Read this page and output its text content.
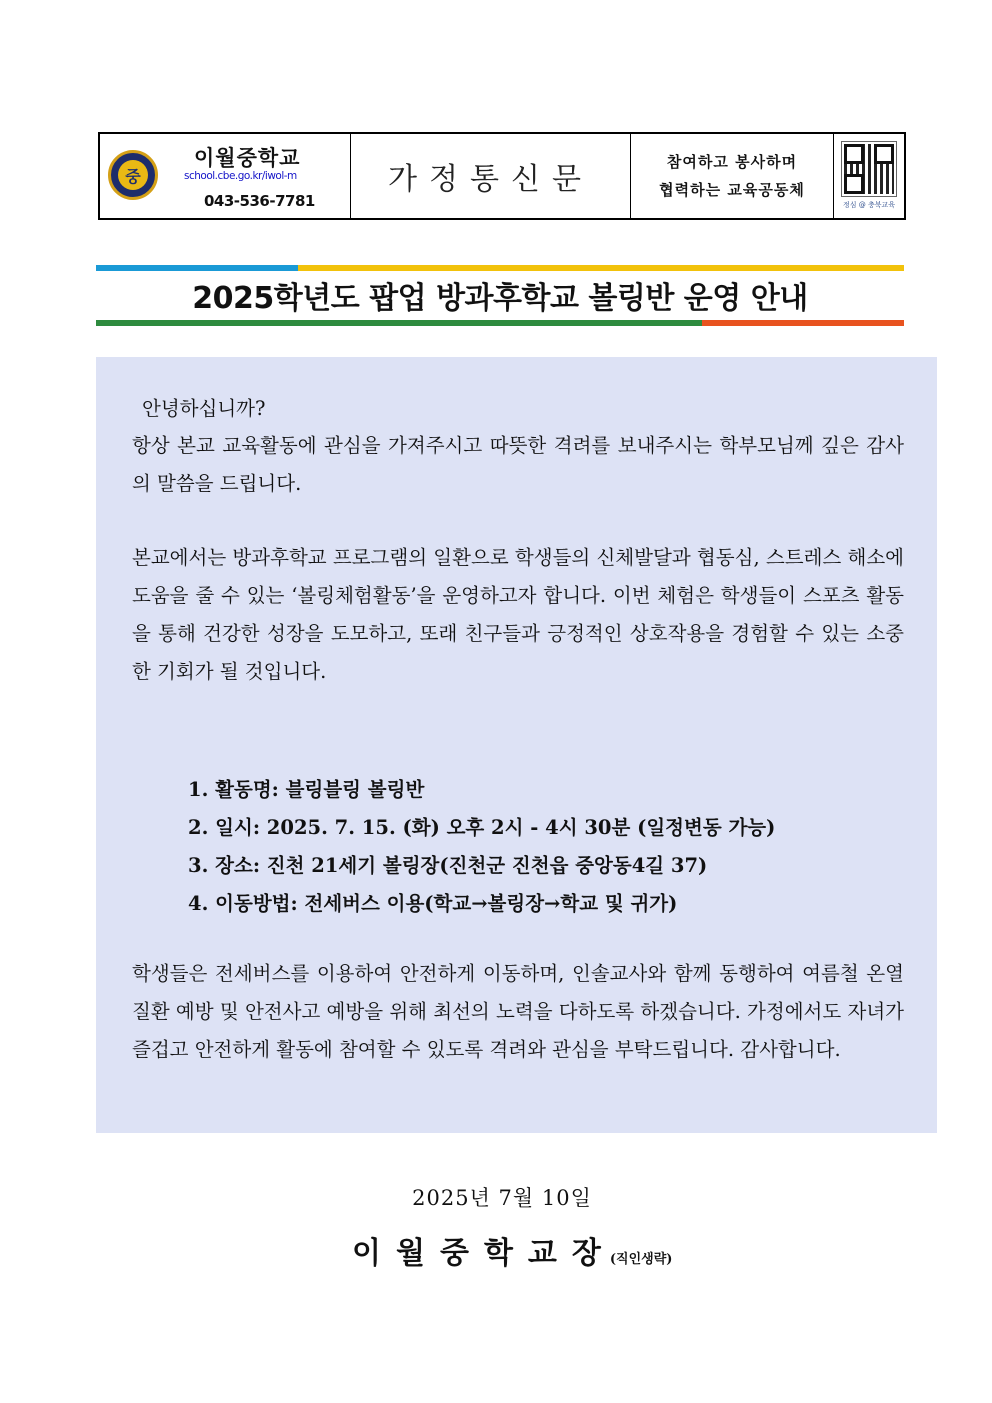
중
이월중학교
school.cbe.go.kr/iwol-m
043-536-7781
가정통신문	참여하고 봉사하며
협력하는 교육공동체
정심 @ 충북교육
2025학년도 팝업 방과후학교 볼링반 운영 안내
안녕하십니까?
항상 본교 교육활동에 관심을 가져주시고 따뜻한 격려를 보내주시는 학부모님께 깊은 감사의 말씀을 드립니다.
본교에서는 방과후학교 프로그램의 일환으로 학생들의 신체발달과 협동심, 스트레스 해소에 도움을 줄 수 있는 ‘볼링체험활동’을 운영하고자 합니다. 이번 체험은 학생들이 스포츠 활동을 통해 건강한 성장을 도모하고, 또래 친구들과 긍정적인 상호작용을 경험할 수 있는 소중한 기회가 될 것입니다.
1. 활동명: 블링블링 볼링반
2. 일시: 2025. 7. 15. (화) 오후 2시 - 4시 30분 (일정변동 가능)
3. 장소: 진천 21세기 볼링장(진천군 진천읍 중앙동4길 37)
4. 이동방법: 전세버스 이용(학교→볼링장→학교 및 귀가)
학생들은 전세버스를 이용하여 안전하게 이동하며, 인솔교사와 함께 동행하여 여름철 온열 질환 예방 및 안전사고 예방을 위해 최선의 노력을 다하도록 하겠습니다. 가정에서도 자녀가 즐겁고 안전하게 활동에 참여할 수 있도록 격려와 관심을 부탁드립니다. 감사합니다.
2025년 7월 10일
이월중학교장(직인생략)
